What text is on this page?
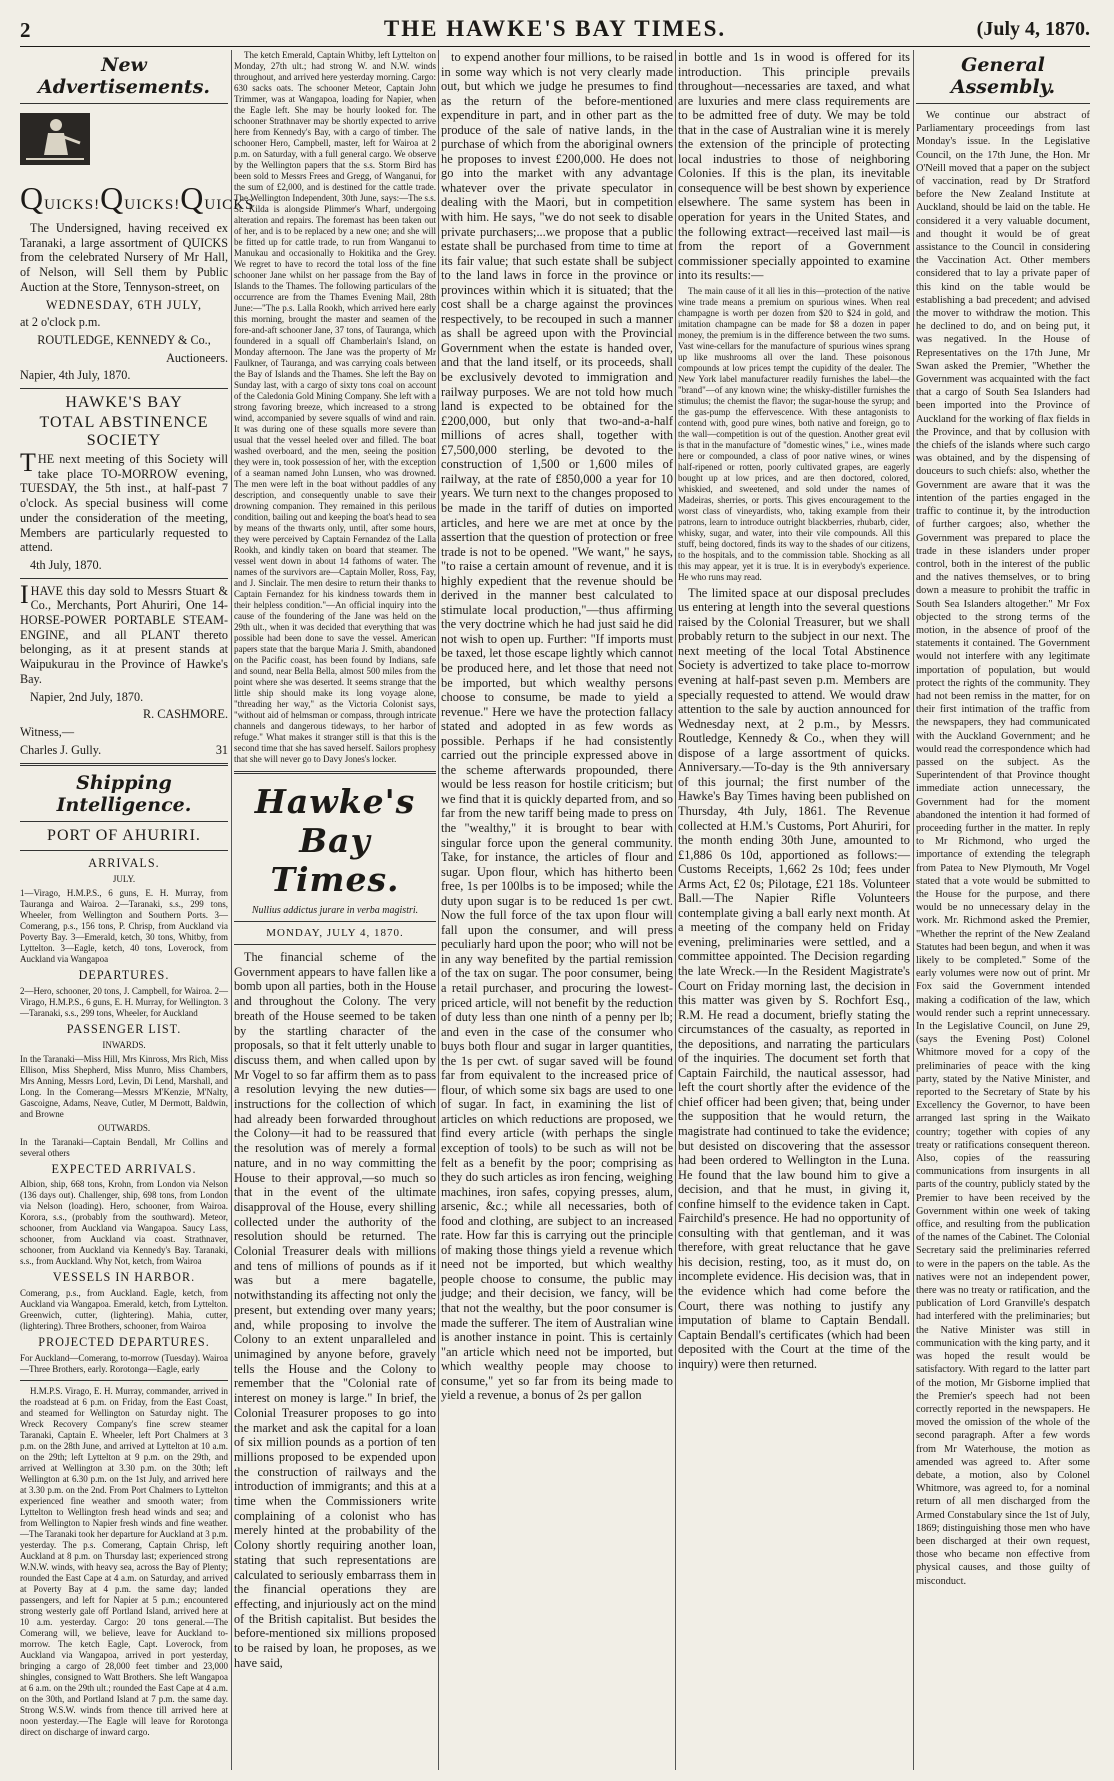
2	THE HAWKE'S BAY TIMES.	(July 4, 1870.
New Advertisements.
QUICKS! QUICKS! QUICKS

The Undersigned, having received ex Taranaki, a large assortment of QUICKS from the celebrated Nursery of Mr Hall, of Nelson, will Sell them by Public Auction at the Store, Tennyson-street, on

WEDNESDAY, 6TH JULY,

at 2 o'clock p.m.

ROUTLEDGE, KENNEDY & Co.,

Auctioneers.

Napier, 4th July, 1870.

HAWKE'S BAY
TOTAL ABSTINENCE SOCIETY

THE next meeting of this Society will take place TO-MORROW evening, TUESDAY, the 5th inst., at half-past 7 o'clock. As special business will come under the consideration of the meeting, Members are particularly requested to attend.

4th July, 1870.

IHAVE this day sold to Messrs Stuart & Co., Merchants, Port Ahuriri, One 14-HORSE-POWER PORTABLE STEAM-ENGINE, and all PLANT thereto belonging, as it at present stands at Waipukurau in the Province of Hawke's Bay.

Napier, 2nd July, 1870.

R. CASHMORE.

Witness,—

Charles J. Gully.	31
Shipping Intelligence.
PORT OF AHURIRI.

ARRIVALS.

JULY.

1—Virago, H.M.P.S., 6 guns, E. H. Murray, from Tauranga and Wairoa. 2—Taranaki, s.s., 299 tons, Wheeler, from Wellington and Southern Ports. 3—Comerang, p.s., 156 tons, P. Chrisp, from Auckland via Poverty Bay. 3—Emerald, ketch, 30 tons, Whitby, from Lyttelton. 3—Eagle, ketch, 40 tons, Loverock, from Auckland via Wangapoa

DEPARTURES.

2—Hero, schooner, 20 tons, J. Campbell, for Wairoa. 2—Virago, H.M.P.S., 6 guns, E. H. Murray, for Wellington. 3—Taranaki, s.s., 299 tons, Wheeler, for Auckland

PASSENGER LIST.

INWARDS.

In the Taranaki—Miss Hill, Mrs Kinross, Mrs Rich, Miss Ellison, Miss Shepherd, Miss Munro, Miss Chambers, Mrs Anning, Messrs Lord, Levin, Di Lend, Marshall, and Long. In the Comerang—Messrs M'Kenzie, M'Nalty, Gascoigne, Adams, Neave, Cutler, M Dermott, Baldwin, and Browne

OUTWARDS.

In the Taranaki—Captain Bendall, Mr Collins and several others

EXPECTED ARRIVALS.

Albion, ship, 668 tons, Krohn, from London via Nelson (136 days out). Challenger, ship, 698 tons, from London via Nelson (loading). Hero, schooner, from Wairoa. Korora, s.s., (probably from the southward). Meteor, schooner, from Auckland via Wangapoa. Saucy Lass, schooner, from Auckland via coast. Strathnaver, schooner, from Auckland via Kennedy's Bay. Taranaki, s.s., from Auckland. Why Not, ketch, from Wairoa

VESSELS IN HARBOR.

Comerang, p.s., from Auckland. Eagle, ketch, from Auckland via Wangapoa. Emerald, ketch, from Lyttelton. Greenwich, cutter, (lightering). Mahia, cutter, (lightering). Three Brothers, schooner, from Wairoa

PROJECTED DEPARTURES.

For Auckland—Comerang, to-morrow (Tuesday). Wairoa—Three Brothers, early. Rorotonga—Eagle, early

H.M.P.S. Virago, E. H. Murray, commander, arrived in the roadstead at 6 p.m. on Friday, from the East Coast, and steamed for Wellington on Saturday night. The Wreck Recovery Company's fine screw steamer Taranaki, Captain E. Wheeler, left Port Chalmers at 3 p.m. on the 28th June, and arrived at Lyttelton at 10 a.m. on the 29th; left Lyttelton at 9 p.m. on the 29th, and arrived at Wellington at 3.30 p.m. on the 30th; left Wellington at 6.30 p.m. on the 1st July, and arrived here at 3.30 p.m. on the 2nd. From Port Chalmers to Lyttelton experienced fine weather and smooth water; from Lyttelton to Wellington fresh head winds and sea; and from Wellington to Napier fresh winds and fine weather.—The Taranaki took her departure for Auckland at 3 p.m. yesterday. The p.s. Comerang, Captain Chrisp, left Auckland at 8 p.m. on Thursday last; experienced strong W.N.W. winds, with heavy sea, across the Bay of Plenty; rounded the East Cape at 4 a.m. on Saturday, and arrived at Poverty Bay at 4 p.m. the same day; landed passengers, and left for Napier at 5 p.m.; encountered strong westerly gale off Portland Island, arrived here at 10 a.m. yesterday. Cargo: 20 tons general.—The Comerang will, we believe, leave for Auckland to-morrow. The ketch Eagle, Capt. Loverock, from Auckland via Wangapoa, arrived in port yesterday, bringing a cargo of 28,000 feet timber and 23,000 shingles, consigned to Watt Brothers. She left Wangapoa at 6 a.m. on the 29th ult.; rounded the East Cape at 4 a.m. on the 30th, and Portland Island at 7 p.m. the same day. Strong W.S.W. winds from thence till arrived here at noon yesterday.—The Eagle will leave for Rorotonga direct on discharge of inward cargo.

The ketch Emerald, Captain Whitby, left Lyttelton on Monday, 27th ult.; had strong W. and N.W. winds throughout, and arrived here yesterday morning. Cargo: 630 sacks oats. The schooner Meteor, Captain John Trimmer, was at Wangapoa, loading for Napier, when the Eagle left. She may be hourly looked for. The schooner Strathnaver may be shortly expected to arrive here from Kennedy's Bay, with a cargo of timber. The schooner Hero, Campbell, master, left for Wairoa at 2 p.m. on Saturday, with a full general cargo. We observe by the Wellington papers that the s.s. Storm Bird has been sold to Messrs Frees and Gregg, of Wanganui, for the sum of £2,000, and is destined for the cattle trade. The Wellington Independent, 30th June, says:—The s.s. St. Kilda is alongside Plimmer's Wharf, undergoing alteration and repairs. The foremast has been taken out of her, and is to be replaced by a new one; and she will be fitted up for cattle trade, to run from Wanganui to Manukau and occasionally to Hokitika and the Grey. We regret to have to record the total loss of the fine schooner Jane whilst on her passage from the Bay of Islands to the Thames. The following particulars of the occurrence are from the Thames Evening Mail, 28th June:—"The p.s. Lalla Rookh, which arrived here early this morning, brought the master and seamen of the fore-and-aft schooner Jane, 37 tons, of Tauranga, which foundered in a squall off Chamberlain's Island, on Monday afternoon. The Jane was the property of Mr Faulkner, of Tauranga, and was carrying coals between the Bay of Islands and the Thames. She left the Bay on Sunday last, with a cargo of sixty tons coal on account of the Caledonia Gold Mining Company. She left with a strong favoring breeze, which increased to a strong wind, accompanied by severe squalls of wind and rain. It was during one of these squalls more severe than usual that the vessel heeled over and filled. The boat washed overboard, and the men, seeing the position they were in, took possession of her, with the exception of a seaman named John Lunsen, who was drowned. The men were left in the boat without paddles of any description, and consequently unable to save their drowning companion. They remained in this perilous condition, bailing out and keeping the boat's head to sea by means of the thwarts only, until, after some hours, they were perceived by Captain Fernandez of the Lalla Rookh, and kindly taken on board that steamer. The vessel went down in about 14 fathoms of water. The names of the survivors are—Captain Moller, Ross, Fay, and J. Sinclair. The men desire to return their thanks to Captain Fernandez for his kindness towards them in their helpless condition."—An official inquiry into the cause of the foundering of the Jane was held on the 29th ult., when it was decided that everything that was possible had been done to save the vessel. American papers state that the barque Maria J. Smith, abandoned on the Pacific coast, has been found by Indians, safe and sound, near Bella Bella, almost 500 miles from the point where she was deserted. It seems strange that the little ship should make its long voyage alone, "threading her way," as the Victoria Colonist says, "without aid of helmsman or compass, through intricate channels and dangerous tideways, to her harbor of refuge." What makes it stranger still is that this is the second time that she has saved herself. Sailors prophesy that she will never go to Davy Jones's locker.

Hawke's Bay Times.
Nullius addictus jurare in verba magistri.
MONDAY, JULY 4, 1870.

The financial scheme of the Government appears to have fallen like a bomb upon all parties, both in the House and throughout the Colony. The very breath of the House seemed to be taken by the startling character of the proposals, so that it felt utterly unable to discuss them, and when called upon by Mr Vogel to so far affirm them as to pass a resolution levying the new duties—instructions for the collection of which had already been forwarded throughout the Colony—it had to be reassured that the resolution was of merely a formal nature, and in no way committing the House to their approval,—so much so that in the event of the ultimate disapproval of the House, every shilling collected under the authority of the resolution should be returned. The Colonial Treasurer deals with millions and tens of millions of pounds as if it was but a mere bagatelle, notwithstanding its affecting not only the present, but extending over many years; and, while proposing to involve the Colony to an extent unparalleled and unimagined by anyone before, gravely tells the House and the Colony to remember that the "Colonial rate of interest on money is large." In brief, the Colonial Treasurer proposes to go into the market and ask the capital for a loan of six million pounds as a portion of ten millions proposed to be expended upon the construction of railways and the introduction of immigrants; and this at a time when the Commissioners write complaining of a colonist who has merely hinted at the probability of the Colony shortly requiring another loan, stating that such representations are calculated to seriously embarrass them in the financial operations they are effecting, and injuriously act on the mind of the British capitalist. But besides the before-mentioned six millions proposed to be raised by loan, he proposes, as we have said,

to expend another four millions, to be raised in some way which is not very clearly made out, but which we judge he presumes to find as the return of the before-mentioned expenditure in part, and in other part as the produce of the sale of native lands, in the purchase of which from the aboriginal owners he proposes to invest £200,000. He does not go into the market with any advantage whatever over the private speculator in dealing with the Maori, but in competition with him. He says, "we do not seek to disable private purchasers;...we propose that a public estate shall be purchased from time to time at its fair value; that such estate shall be subject to the land laws in force in the province or provinces within which it is situated; that the cost shall be a charge against the provinces respectively, to be recouped in such a manner as shall be agreed upon with the Provincial Government when the estate is handed over, and that the land itself, or its proceeds, shall be exclusively devoted to immigration and railway purposes. We are not told how much land is expected to be obtained for the £200,000, but only that two-and-a-half millions of acres shall, together with £7,500,000 sterling, be devoted to the construction of 1,500 or 1,600 miles of railway, at the rate of £850,000 a year for 10 years. We turn next to the changes proposed to be made in the tariff of duties on imported articles, and here we are met at once by the assertion that the question of protection or free trade is not to be opened. "We want," he says, "to raise a certain amount of revenue, and it is highly expedient that the revenue should be derived in the manner best calculated to stimulate local production,"—thus affirming the very doctrine which he had just said he did not wish to open up. Further: "If imports must be taxed, let those escape lightly which cannot be produced here, and let those that need not be imported, but which wealthy persons choose to consume, be made to yield a revenue." Here we have the protection fallacy stated and adopted in as few words as possible. Perhaps if he had consistently carried out the principle expressed above in the scheme afterwards propounded, there would be less reason for hostile criticism; but we find that it is quickly departed from, and so far from the new tariff being made to press on the "wealthy," it is brought to bear with singular force upon the general community. Take, for instance, the articles of flour and sugar. Upon flour, which has hitherto been free, 1s per 100lbs is to be imposed; while the duty upon sugar is to be reduced 1s per cwt. Now the full force of the tax upon flour will fall upon the consumer, and will press peculiarly hard upon the poor; who will not be in any way benefited by the partial remission of the tax on sugar. The poor consumer, being a retail purchaser, and procuring the lowest-priced article, will not benefit by the reduction of duty less than one ninth of a penny per lb; and even in the case of the consumer who buys both flour and sugar in larger quantities, the 1s per cwt. of sugar saved will be found far from equivalent to the increased price of flour, of which some six bags are used to one of sugar. In fact, in examining the list of articles on which reductions are proposed, we find every article (with perhaps the single exception of tools) to be such as will not be felt as a benefit by the poor; comprising as they do such articles as iron fencing, weighing machines, iron safes, copying presses, alum, arsenic, &c.; while all necessaries, both of food and clothing, are subject to an increased rate. How far this is carrying out the principle of making those things yield a revenue which need not be imported, but which wealthy people choose to consume, the public may judge; and their decision, we fancy, will be that not the wealthy, but the poor consumer is made the sufferer. The item of Australian wine is another instance in point. This is certainly "an article which need not be imported, but which wealthy people may choose to consume," yet so far from its being made to yield a revenue, a bonus of 2s per gallon

in bottle and 1s in wood is offered for its introduction. This principle prevails throughout—necessaries are taxed, and what are luxuries and mere class requirements are to be admitted free of duty. We may be told that in the case of Australian wine it is merely the extension of the principle of protecting local industries to those of neighboring Colonies. If this is the plan, its inevitable consequence will be best shown by experience elsewhere. The same system has been in operation for years in the United States, and the following extract—received last mail—is from the report of a Government commissioner specially appointed to examine into its results:—

The main cause of it all lies in this—protection of the native wine trade means a premium on spurious wines. When real champagne is worth per dozen from $20 to $24 in gold, and imitation champagne can be made for $8 a dozen in paper money, the premium is in the difference between the two sums. Vast wine-cellars for the manufacture of spurious wines sprang up like mushrooms all over the land. These poisonous compounds at low prices tempt the cupidity of the dealer. The New York label manufacturer readily furnishes the label—the "brand"—of any known wine; the whisky-distiller furnishes the stimulus; the chemist the flavor; the sugar-house the syrup; and the gas-pump the effervescence. With these antagonists to contend with, good pure wines, both native and foreign, go to the wall—competition is out of the question. Another great evil is that in the manufacture of "domestic wines," i.e., wines made here or compounded, a class of poor native wines, or wines half-ripened or rotten, poorly cultivated grapes, are eagerly bought up at low prices, and are then doctored, colored, whiskied, and sweetened, and sold under the names of Madeiras, sherries, or ports. This gives encouragement to the worst class of vineyardists, who, taking example from their patrons, learn to introduce outright blackberries, rhubarb, cider, whisky, sugar, and water, into their vile compounds. All this stuff, being doctored, finds its way to the shades of our citizens, to the hospitals, and to the commission table. Shocking as all this may appear, yet it is true. It is in everybody's experience. He who runs may read.

The limited space at our disposal precludes us entering at length into the several questions raised by the Colonial Treasurer, but we shall probably return to the subject in our next. The next meeting of the local Total Abstinence Society is advertized to take place to-morrow evening at half-past seven p.m. Members are specially requested to attend. We would draw attention to the sale by auction announced for Wednesday next, at 2 p.m., by Messrs. Routledge, Kennedy & Co., when they will dispose of a large assortment of quicks. Anniversary.—To-day is the 9th anniversary of this journal; the first number of the Hawke's Bay Times having been published on Thursday, 4th July, 1861. The Revenue collected at H.M.'s Customs, Port Ahuriri, for the month ending 30th June, amounted to £1,886 0s 10d, apportioned as follows:—Customs Receipts, 1,662 2s 10d; fees under Arms Act, £2 0s; Pilotage, £21 18s. Volunteer Ball.—The Napier Rifle Volunteers contemplate giving a ball early next month. At a meeting of the company held on Friday evening, preliminaries were settled, and a committee appointed. The Decision regarding the late Wreck.—In the Resident Magistrate's Court on Friday morning last, the decision in this matter was given by S. Rochfort Esq., R.M. He read a document, briefly stating the circumstances of the casualty, as reported in the depositions, and narrating the particulars of the inquiries. The document set forth that Captain Fairchild, the nautical assessor, had left the court shortly after the evidence of the chief officer had been given; that, being under the supposition that he would return, the magistrate had continued to take the evidence; but desisted on discovering that the assessor had been ordered to Wellington in the Luna. He found that the law bound him to give a decision, and that he must, in giving it, confine himself to the evidence taken in Capt. Fairchild's presence. He had no opportunity of consulting with that gentleman, and it was therefore, with great reluctance that he gave his decision, resting, too, as it must do, on incomplete evidence. His decision was, that in the evidence which had come before the Court, there was nothing to justify any imputation of blame to Captain Bendall. Captain Bendall's certificates (which had been deposited with the Court at the time of the inquiry) were then returned.

General Assembly.

We continue our abstract of Parliamentary proceedings from last Monday's issue. In the Legislative Council, on the 17th June, the Hon. Mr O'Neill moved that a paper on the subject of vaccination, read by Dr Stratford before the New Zealand Institute at Auckland, should be laid on the table. He considered it a very valuable document, and thought it would be of great assistance to the Council in considering the Vaccination Act. Other members considered that to lay a private paper of this kind on the table would be establishing a bad precedent; and advised the mover to withdraw the motion. This he declined to do, and on being put, it was negatived. In the House of Representatives on the 17th June, Mr Swan asked the Premier, "Whether the Government was acquainted with the fact that a cargo of South Sea Islanders had been imported into the Province of Auckland for the working of flax fields in the Province, and that by collusion with the chiefs of the islands where such cargo was obtained, and by the dispensing of douceurs to such chiefs: also, whether the Government are aware that it was the intention of the parties engaged in the traffic to continue it, by the introduction of further cargoes; also, whether the Government was prepared to place the trade in these islanders under proper control, both in the interest of the public and the natives themselves, or to bring down a measure to prohibit the traffic in South Sea Islanders altogether." Mr Fox objected to the strong terms of the motion, in the absence of proof of the statements it contained. The Government would not interfere with any legitimate importation of population, but would protect the rights of the community. They had not been remiss in the matter, for on their first intimation of the traffic from the newspapers, they had communicated with the Auckland Government; and he would read the correspondence which had passed on the subject. As the Superintendent of that Province thought immediate action unnecessary, the Government had for the moment abandoned the intention it had formed of proceeding further in the matter. In reply to Mr Richmond, who urged the importance of extending the telegraph from Patea to New Plymouth, Mr Vogel stated that a vote would be submitted to the House for the purpose, and there would be no unnecessary delay in the work. Mr. Richmond asked the Premier, "Whether the reprint of the New Zealand Statutes had been begun, and when it was likely to be completed." Some of the early volumes were now out of print. Mr Fox said the Government intended making a codification of the law, which would render such a reprint unnecessary. In the Legislative Council, on June 29, (says the Evening Post) Colonel Whitmore moved for a copy of the preliminaries of peace with the king party, stated by the Native Minister, and reported to the Secretary of State by his Excellency the Governor, to have been arranged last spring in the Waikato country; together with copies of any treaty or ratifications consequent thereon. Also, copies of the reassuring communications from insurgents in all parts of the country, publicly stated by the Premier to have been received by the Government within one week of taking office, and resulting from the publication of the names of the Cabinet. The Colonial Secretary said the preliminaries referred to were in the papers on the table. As the natives were not an independent power, there was no treaty or ratification, and the publication of Lord Granville's despatch had interfered with the preliminaries; but the Native Minister was still in communication with the king party, and it was hoped the result would be satisfactory. With regard to the latter part of the motion, Mr Gisborne implied that the Premier's speech had not been correctly reported in the newspapers. He moved the omission of the whole of the second paragraph. After a few words from Mr Waterhouse, the motion as amended was agreed to. After some debate, a motion, also by Colonel Whitmore, was agreed to, for a nominal return of all men discharged from the Armed Constabulary since the 1st of July, 1869; distinguishing those men who have been discharged at their own request, those who became non effective from physical causes, and those guilty of misconduct.
